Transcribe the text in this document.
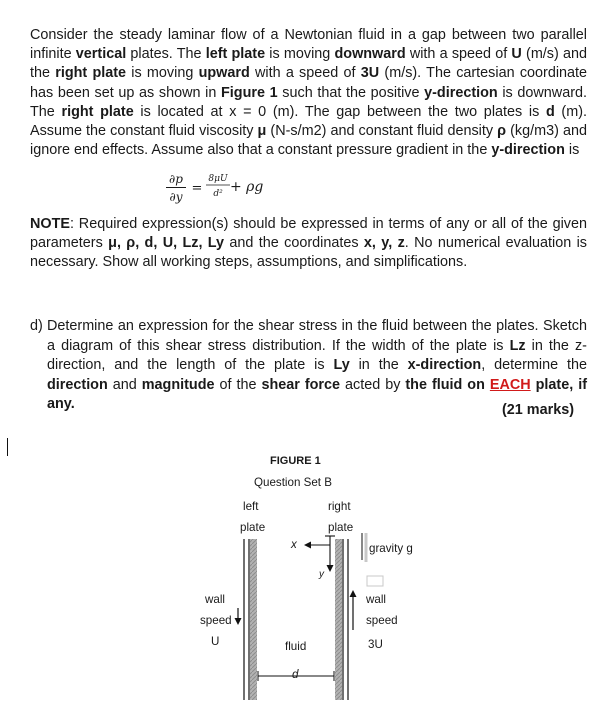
Consider the steady laminar flow of a Newtonian fluid in a gap between two parallel infinite vertical plates. The left plate is moving downward with a speed of U (m/s) and the right plate is moving upward with a speed of 3U (m/s). The cartesian coordinate has been set up as shown in Figure 1 such that the positive y-direction is downward. The right plate is located at x = 0 (m). The gap between the two plates is d (m). Assume the constant fluid viscosity μ (N-s/m2) and constant fluid density ρ (kg/m3) and ignore end effects. Assume also that a constant pressure gradient in the y-direction is

∂p
∂y
=
8μU
d² + ρg

NOTE: Required expression(s) should be expressed in terms of any or all of the given parameters μ, ρ, d, U, Lz, Ly and the coordinates x, y, z. No numerical evaluation is necessary. Show all working steps, assumptions, and simplifications.

d) Determine an expression for the shear stress in the fluid between the plates. Sketch a diagram of this shear stress distribution. If the width of the plate is Lz in the z-direction, and the length of the plate is Ly in the x-direction, determine the direction and magnitude of the shear force acted by the fluid on EACH plate, if any.	(21 marks)
FIGURE 1
Question Set B
left
plate
right
plate
x
y
gravity g
wall
speed
U
wall
speed
3U
fluid
d
